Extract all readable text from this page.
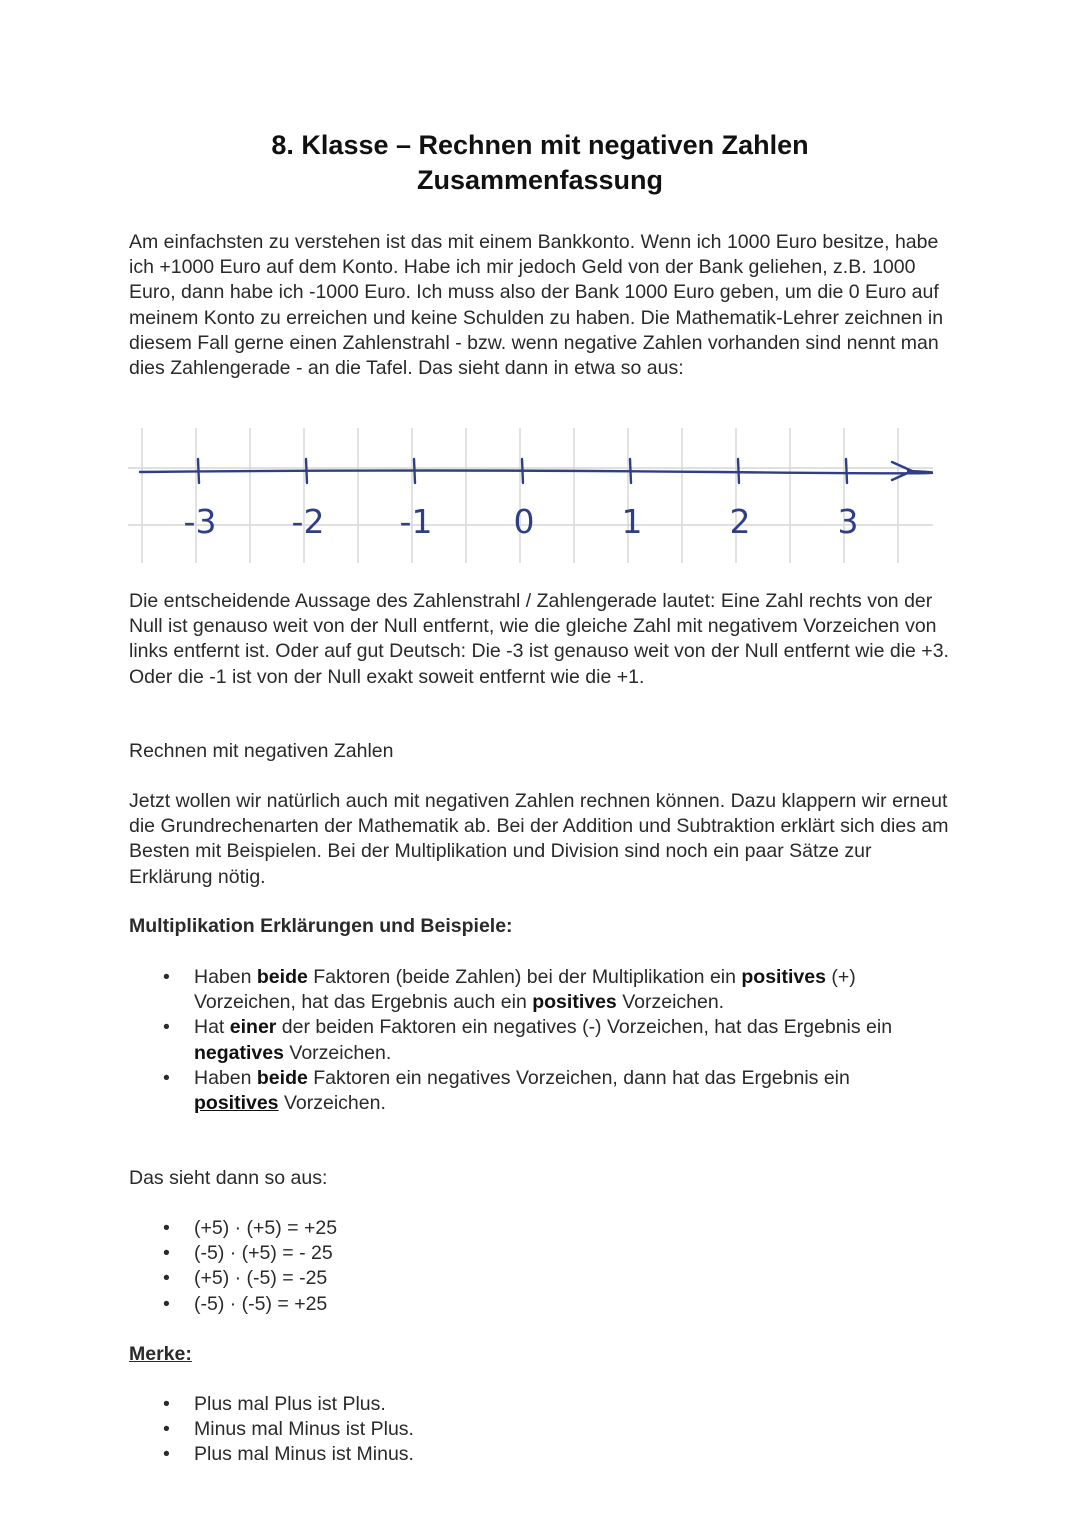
8. Klasse – Rechnen mit negativen Zahlen
Zusammenfassung

Am einfachsten zu verstehen ist das mit einem Bankkonto. Wenn ich 1000 Euro besitze, habe ich +1000 Euro auf dem Konto. Habe ich mir jedoch Geld von der Bank geliehen, z.B. 1000 Euro, dann habe ich -1000 Euro. Ich muss also der Bank 1000 Euro geben, um die 0 Euro auf meinem Konto zu erreichen und keine Schulden zu haben. Die Mathematik-Lehrer zeichnen in diesem Fall gerne einen Zahlenstrahl - bzw. wenn negative Zahlen vorhanden sind nennt man dies Zahlengerade - an die Tafel. Das sieht dann in etwa so aus:

-3 -2 -1 0	1	2	3

Die entscheidende Aussage des Zahlenstrahl / Zahlengerade lautet: Eine Zahl rechts von der Null ist genauso weit von der Null entfernt, wie die gleiche Zahl mit negativem Vorzeichen von links entfernt ist. Oder auf gut Deutsch: Die -3 ist genauso weit von der Null entfernt wie die +3. Oder die -1 ist von der Null exakt soweit entfernt wie die +1.

Rechnen mit negativen Zahlen

Jetzt wollen wir natürlich auch mit negativen Zahlen rechnen können. Dazu klappern wir erneut die Grundrechenarten der Mathematik ab. Bei der Addition und Subtraktion erklärt sich dies am Besten mit Beispielen. Bei der Multiplikation und Division sind noch ein paar Sätze zur Erklärung nötig.

Multiplikation Erklärungen und Beispiele:

• Haben beide Faktoren (beide Zahlen) bei der Multiplikation ein positives (+) Vorzeichen, hat das Ergebnis auch ein positives Vorzeichen.
• Hat einer der beiden Faktoren ein negatives (-) Vorzeichen, hat das Ergebnis ein negatives Vorzeichen.
• Haben beide Faktoren ein negatives Vorzeichen, dann hat das Ergebnis ein positives Vorzeichen.

Das sieht dann so aus:

• (+5) · (+5) = +25
• (-5) · (+5) = - 25
• (+5) · (-5) = -25
• (-5) · (-5) = +25

Merke:

• Plus mal Plus ist Plus.
• Minus mal Minus ist Plus.
• Plus mal Minus ist Minus.
